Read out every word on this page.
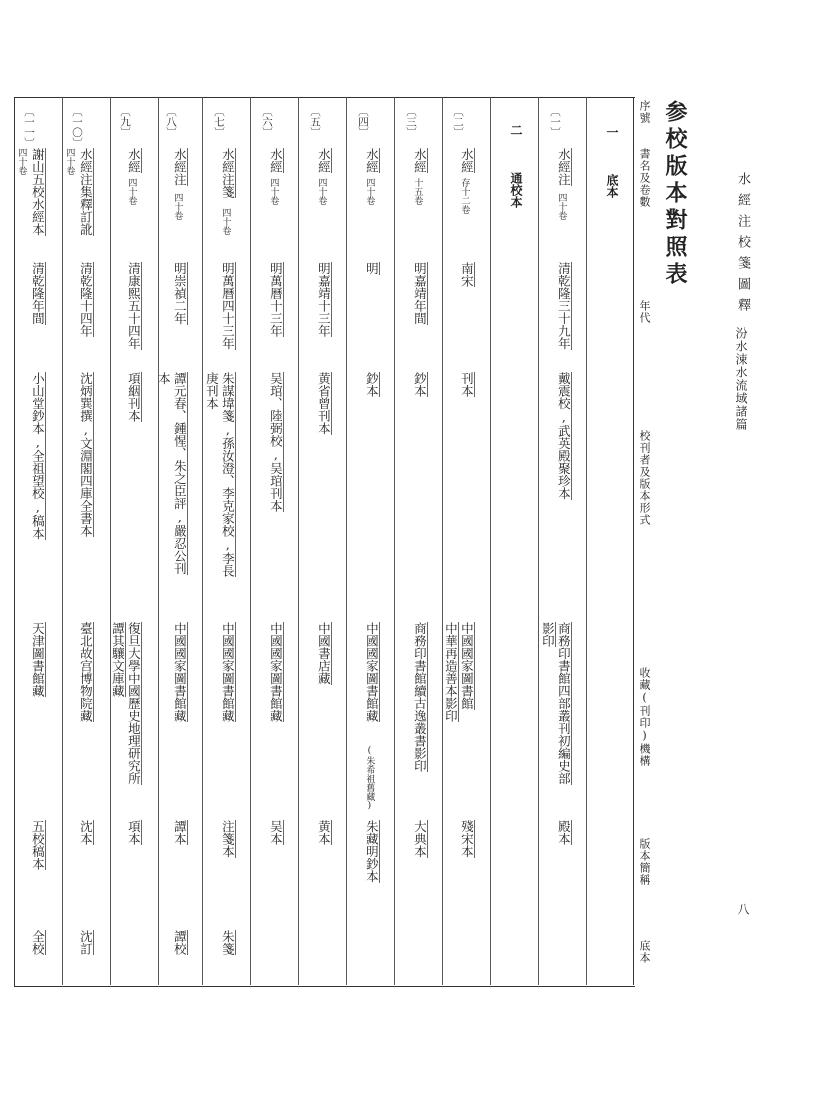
水經注校箋圖釋
汾水涑水流域諸篇
八
参校版本對照表
序號
書名及卷數
年代
校刊者及版本形式
收藏(刊印)機構
版本簡稱
底本
一  底本
二  通校本
〔一〕
水經注
四十卷
清乾隆三十九年
戴震校,武英殿聚珍本
商務印書館四部叢刊初編史部
影印
殿本
〔二〕
水經
存十二卷
南宋
刊本
中國國家圖書館
中華再造善本影印
殘宋本
〔三〕
水經
十五卷
明嘉靖年間
鈔本
商務印書館續古逸叢書影印
大典本
〔四〕
水經
四十卷
明
鈔本
中國國家圖書館藏
(朱希祖舊藏)
朱藏明鈔本
〔五〕
水經
四十卷
明嘉靖十三年
黄省曾刊本
中國書店藏
黄本
〔六〕
水經
四十卷
明萬曆十三年
吴琯、陸弼校,吴琯刊本
中國國家圖書館藏
吴本
〔七〕
水經注箋
四十卷
明萬曆四十三年
朱謀㙔箋,孫汝澄、李克家校,李長
庚刊本
中國國家圖書館藏
注箋本
朱箋
〔八〕
水經注
四十卷
明崇禎二年
譚元春、鍾惺、朱之臣評,嚴忍公刊
本
中國國家圖書館藏
譚本
譚校
〔九〕
水經
四十卷
清康熙五十四年
項絪刊本
復旦大學中國歷史地理研究所
譚其驤文庫藏
項本
〔一〇〕
水經注集釋訂訛
四十卷
清乾隆十四年
沈炳巽撰,文淵閣四庫全書本
臺北故宫博物院藏
沈本
沈訂
〔一一〕
謝山五校水經本
四十卷
清乾隆年間
小山堂鈔本,全祖望校,稿本
天津圖書館藏
五校稿本
全校
